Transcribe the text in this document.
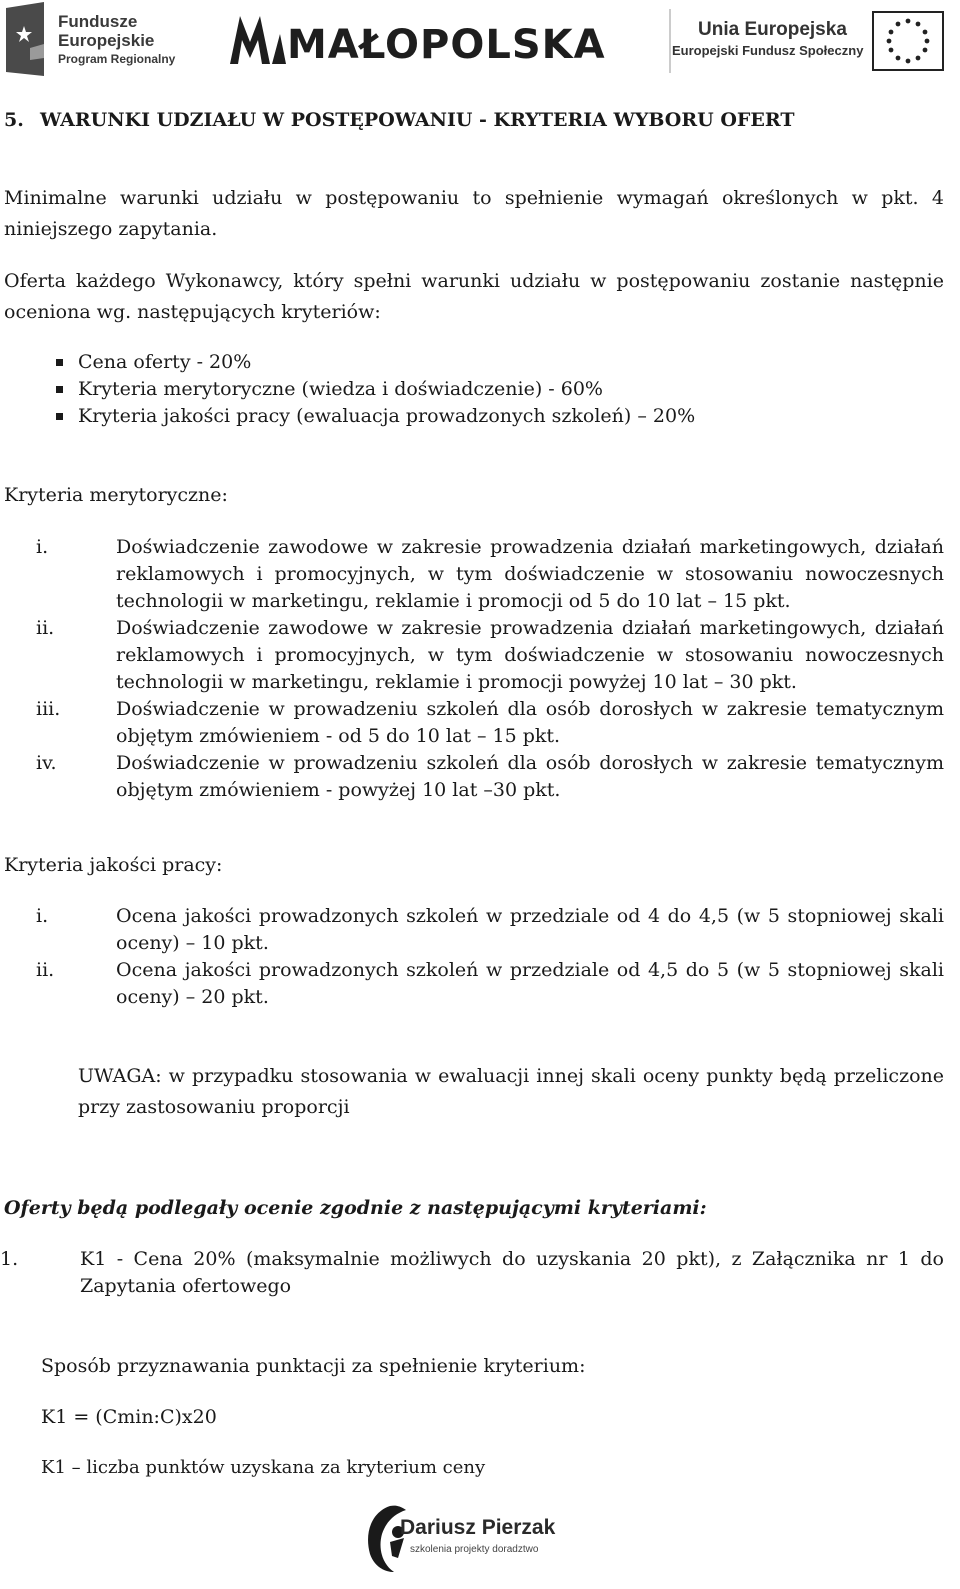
Fundusze
Europejskie
Program Regionalny	MAŁOPOLSKA	Unia Europejska
Europejski Fundusz Społeczny
5. WARUNKI UDZIAŁU W POSTĘPOWANIU - KRYTERIA WYBORU OFERT
Minimalne warunki udziału w postępowaniu to spełnienie wymagań określonych w pkt. 4 niniejszego zapytania.
Oferta każdego Wykonawcy, który spełni warunki udziału w postępowaniu zostanie następnie oceniona wg. następujących kryteriów:
Cena oferty - 20%
Kryteria merytoryczne (wiedza i doświadczenie) - 60%
Kryteria jakości pracy (ewaluacja prowadzonych szkoleń) – 20%
Kryteria merytoryczne:
i.	Doświadczenie zawodowe w zakresie prowadzenia działań marketingowych, działań reklamowych i promocyjnych, w tym doświadczenie w stosowaniu nowoczesnych technologii w marketingu, reklamie i promocji od 5 do 10 lat – 15 pkt.
ii.	Doświadczenie zawodowe w zakresie prowadzenia działań marketingowych, działań reklamowych i promocyjnych, w tym doświadczenie w stosowaniu nowoczesnych technologii w marketingu, reklamie i promocji powyżej 10 lat – 30 pkt.
iii.	Doświadczenie w prowadzeniu szkoleń dla osób dorosłych w zakresie tematycznym objętym zmówieniem - od 5 do 10 lat – 15 pkt.
iv.	Doświadczenie w prowadzeniu szkoleń dla osób dorosłych w zakresie tematycznym objętym zmówieniem - powyżej 10 lat –30 pkt.
Kryteria jakości pracy:
i.	Ocena jakości prowadzonych szkoleń w przedziale od 4 do 4,5 (w 5 stopniowej skali oceny) – 10 pkt.
ii.	Ocena jakości prowadzonych szkoleń w przedziale od 4,5 do 5 (w 5 stopniowej skali oceny) – 20 pkt.
UWAGA: w przypadku stosowania w ewaluacji innej skali oceny punkty będą przeliczone przy zastosowaniu proporcji
Oferty będą podlegały ocenie zgodnie z następującymi kryteriami:
1.	K1 - Cena 20% (maksymalnie możliwych do uzyskania 20 pkt), z Załącznika nr 1 do Zapytania ofertowego
Sposób przyznawania punktacji za spełnienie kryterium:
K1 = (Cmin:C)x20
K1 – liczba punktów uzyskana za kryterium ceny
Dariusz Pierzak
szkolenia projekty doradztwo
